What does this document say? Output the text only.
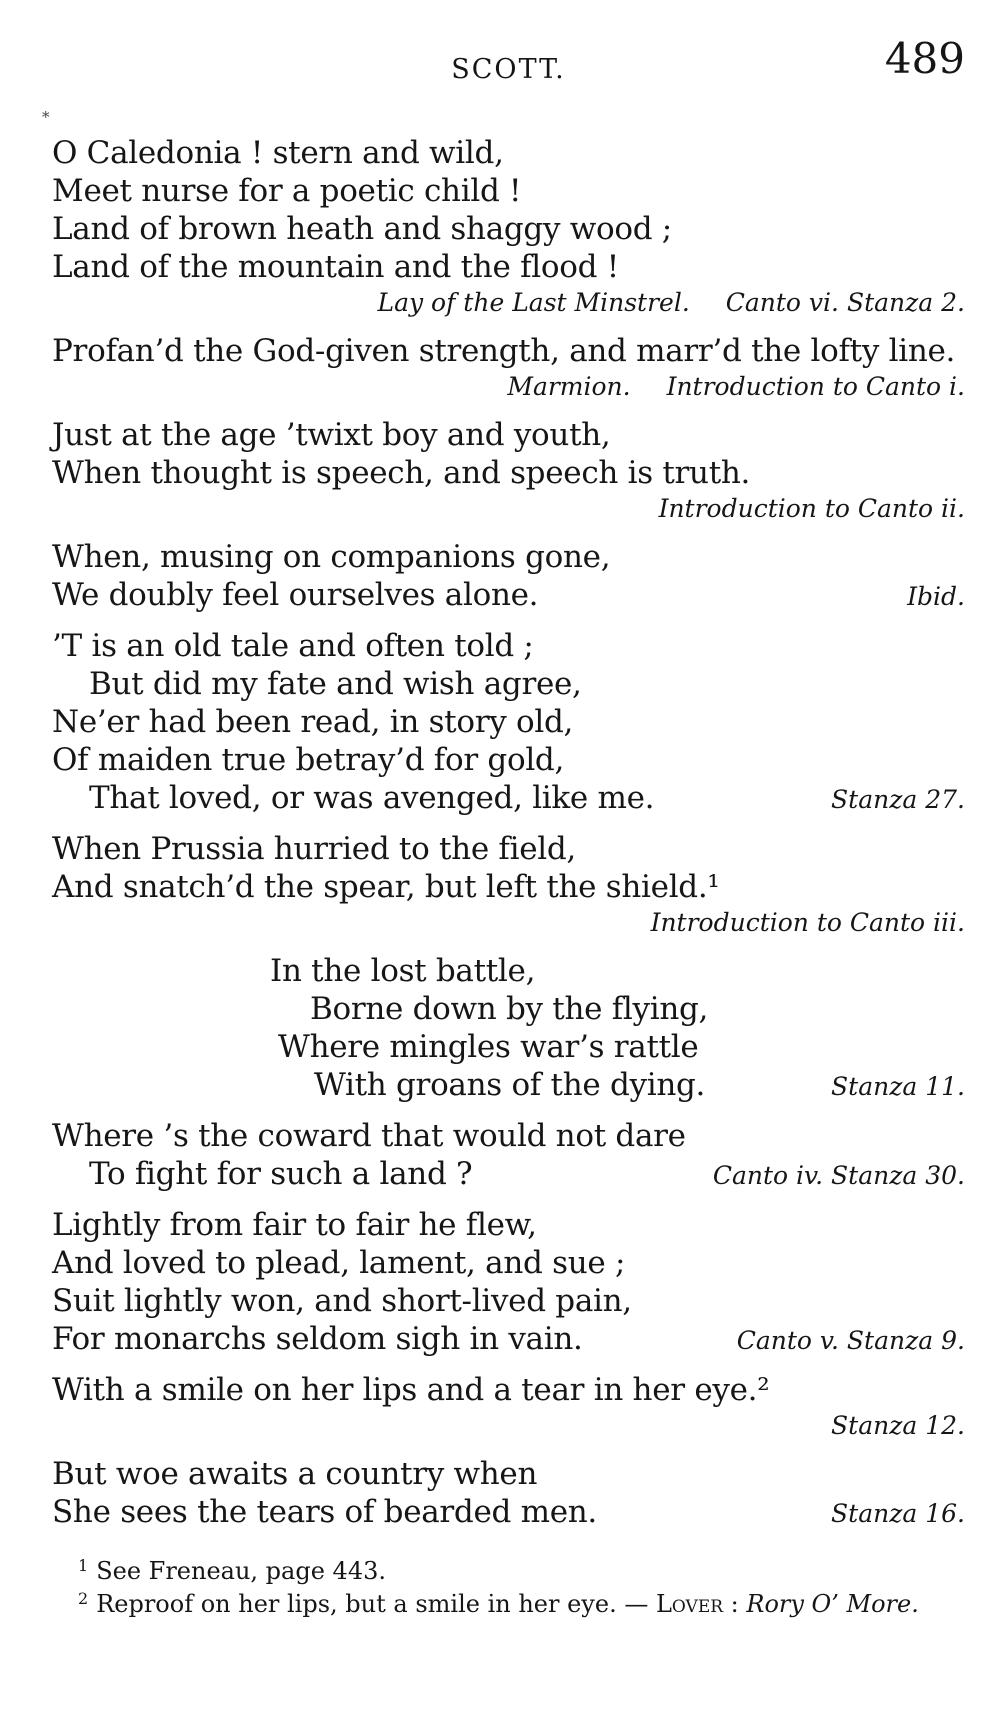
SCOTT.	489
*
O Caledonia ! stern and wild,
Meet nurse for a poetic child !
Land of brown heath and shaggy wood ;
Land of the mountain and the flood !
Lay of the Last Minstrel. Canto vi. Stanza 2.
Profan’d the God-given strength, and marr’d the lofty line.
Marmion. Introduction to Canto i.
Just at the age ’twixt boy and youth,
When thought is speech, and speech is truth.
Introduction to Canto ii.
When, musing on companions gone,
We doubly feel ourselves alone.	Ibid.
’T is an old tale and often told ;
But did my fate and wish agree,
Ne’er had been read, in story old,
Of maiden true betray’d for gold,
That loved, or was avenged, like me.	Stanza 27.
When Prussia hurried to the field,
And snatch’d the spear, but left the shield.¹
Introduction to Canto iii.
In the lost battle,
Borne down by the flying,
Where mingles war’s rattle
With groans of the dying.	Stanza 11.
Where ’s the coward that would not dare
To fight for such a land ?	Canto iv. Stanza 30.
Lightly from fair to fair he flew,
And loved to plead, lament, and sue ;
Suit lightly won, and short-lived pain,
For monarchs seldom sigh in vain.	Canto v. Stanza 9.
With a smile on her lips and a tear in her eye.²
Stanza 12.
But woe awaits a country when
She sees the tears of bearded men.	Stanza 16.
1 See Freneau, page 443.
2 Reproof on her lips, but a smile in her eye. — Lover : Rory O’ More.
